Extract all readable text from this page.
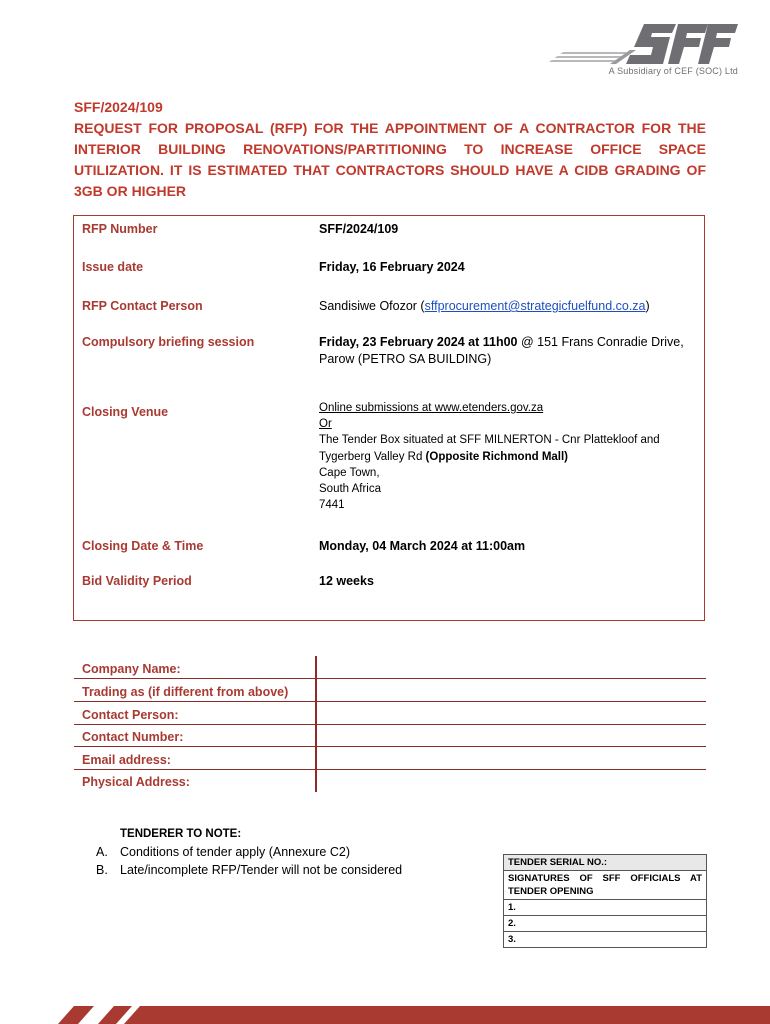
A Subsidiary of CEF (SOC) Ltd
SFF/2024/109
REQUEST FOR PROPOSAL (RFP) FOR THE APPOINTMENT OF A CONTRACTOR FOR THE INTERIOR BUILDING RENOVATIONS/PARTITIONING TO INCREASE OFFICE SPACE UTILIZATION. IT IS ESTIMATED THAT CONTRACTORS SHOULD HAVE A CIDB GRADING OF 3GB OR HIGHER
RFP Number	SFF/2024/109
Issue date	Friday, 16 February 2024
RFP Contact Person	Sandisiwe Ofozor (sffprocurement@strategicfuelfund.co.za)
Compulsory briefing session	Friday, 23 February 2024 at 11h00 @ 151 Frans Conradie Drive, Parow (PETRO SA BUILDING)
Closing Venue	Online submissions at www.etenders.gov.za
Or
The Tender Box situated at SFF MILNERTON - Cnr Plattekloof and Tygerberg Valley Rd (Opposite Richmond Mall)
Cape Town,
South Africa
7441
Closing Date & Time	Monday, 04 March 2024 at 11:00am
Bid Validity Period	12 weeks
Company Name:
Trading as (if different from above)
Contact Person:
Contact Number:
Email address:
Physical Address:
TENDERER TO NOTE:
A. Conditions of tender apply (Annexure C2)
B. Late/incomplete RFP/Tender will not be considered
TENDER SERIAL NO.:
SIGNATURES OF SFF OFFICIALS AT TENDER OPENING
1.
2.
3.
